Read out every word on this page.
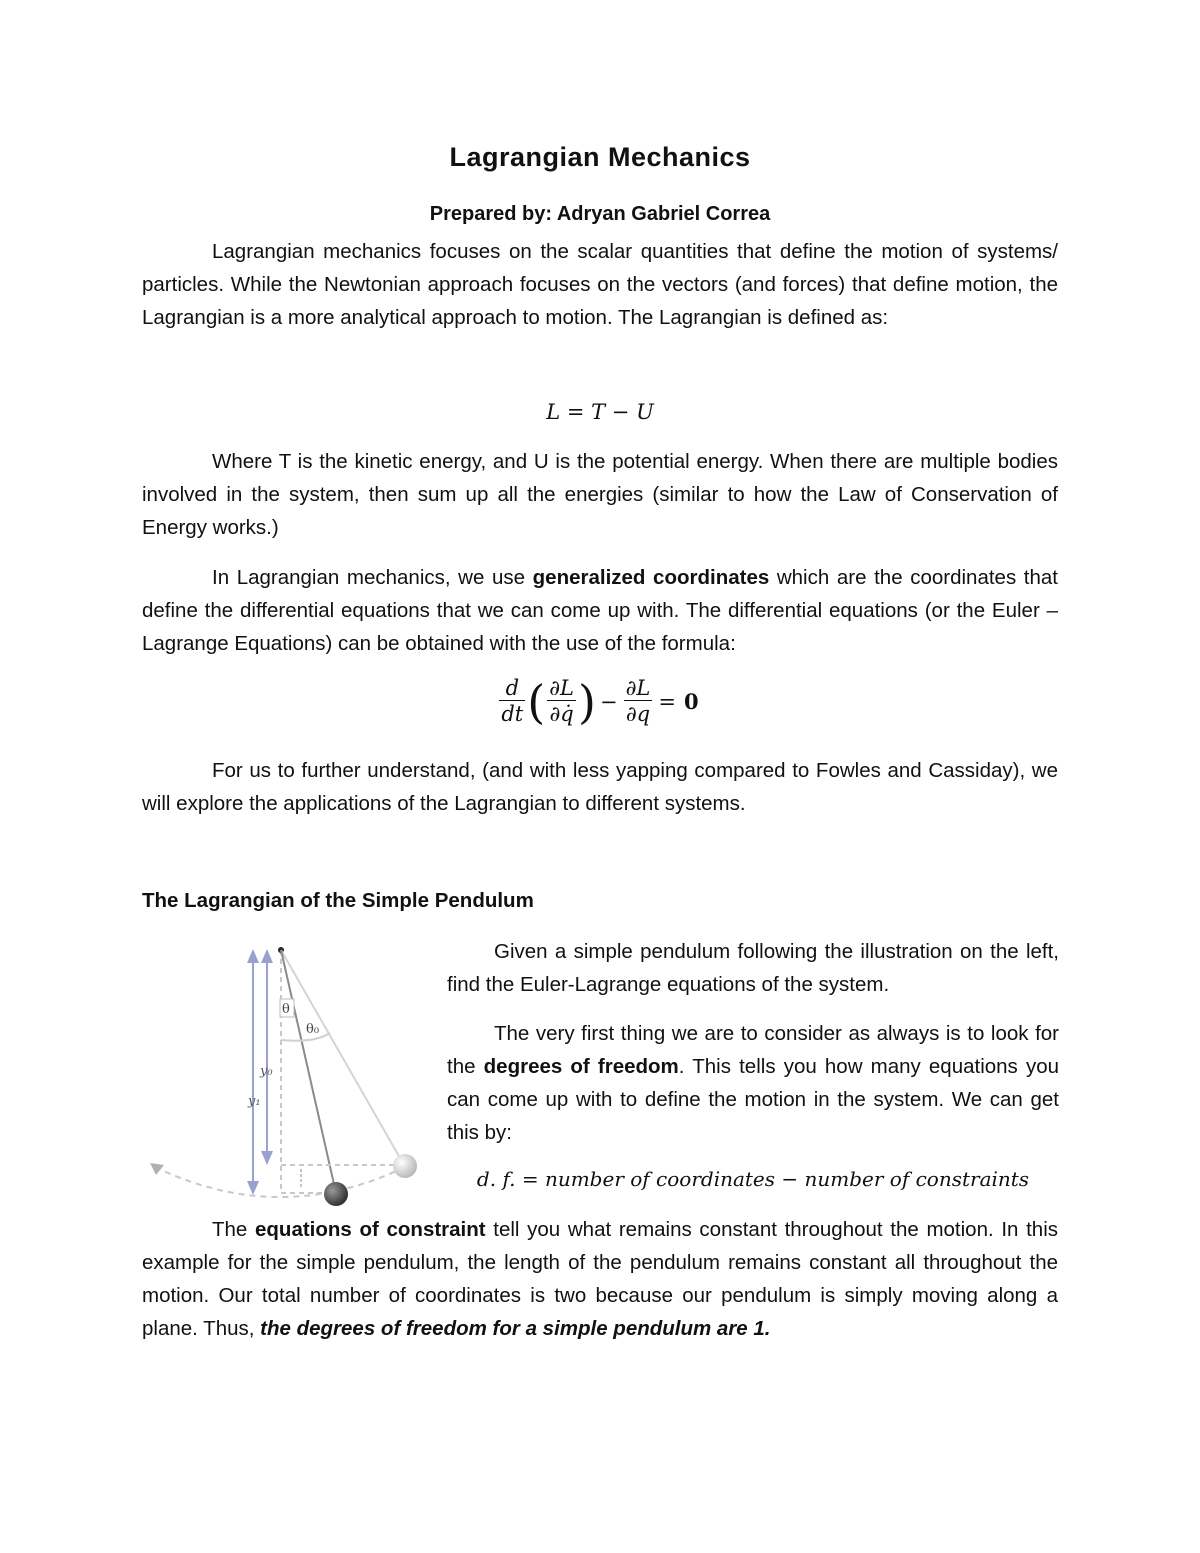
Lagrangian Mechanics
Prepared by: Adryan Gabriel Correa

Lagrangian mechanics focuses on the scalar quantities that define the motion of systems/ particles. While the Newtonian approach focuses on the vectors (and forces) that define motion, the Lagrangian is a more analytical approach to motion. The Lagrangian is defined as:

L = T − U

Where T is the kinetic energy, and U is the potential energy. When there are multiple bodies involved in the system, then sum up all the energies (similar to how the Law of Conservation of Energy works.)

In Lagrangian mechanics, we use generalized coordinates which are the coordinates that define the differential equations that we can come up with. The differential equations (or the Euler – Lagrange Equations) can be obtained with the use of the formula:

$\frac{d}{dt}$ ( $\frac{\partial L}{\partial q̇}$ ) − $\frac{\partial L}{\partial q} = 0$

For us to further understand, (and with less yapping compared to Fowles and Cassiday), we will explore the applications of the Lagrangian to different systems.

The Lagrangian of the Simple Pendulum
θ
θ₀
y₀
y₁

Given a simple pendulum following the illustration on the left, find the Euler-Lagrange equations of the system.

The very first thing we are to consider as always is to look for the degrees of freedom. This tells you how many equations you can come up with to define the motion in the system. We can get this by:

d. f. = number of coordinates − number of constraints

The equations of constraint tell you what remains constant throughout the motion. In this example for the simple pendulum, the length of the pendulum remains constant all throughout the motion. Our total number of coordinates is two because our pendulum is simply moving along a plane. Thus, the degrees of freedom for a simple pendulum are 1.
